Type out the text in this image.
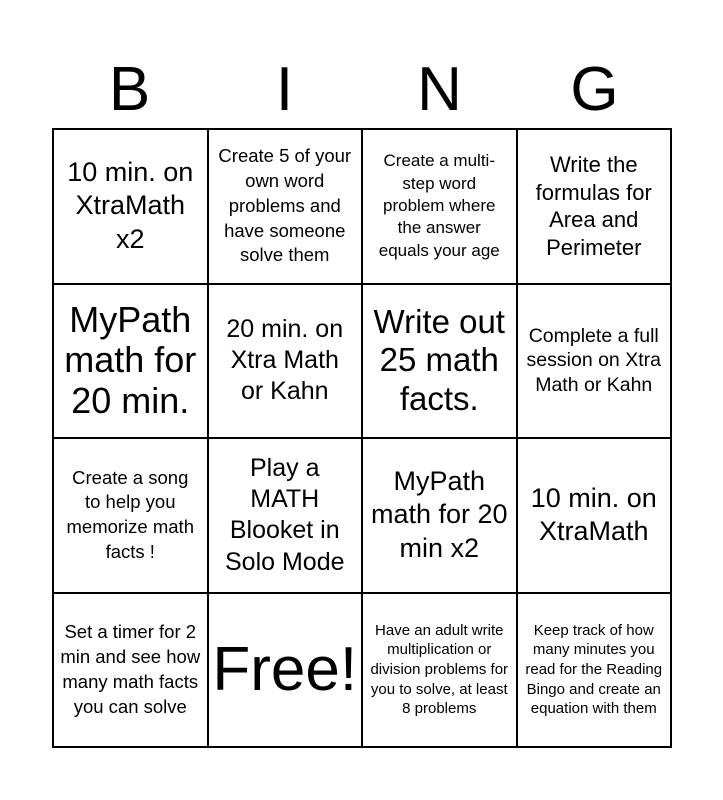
B	I	N	G
10 min. on XtraMath x2
Create 5 of your own word problems and have someone solve them
Create a multi-step word problem where the answer equals your age
Write the formulas for Area and Perimeter
MyPath math for 20 min.
20 min. on Xtra Math or Kahn
Write out 25 math facts.
Complete a full session on Xtra Math or Kahn
Create a song to help you memorize math facts !
Play a MATH Blooket in Solo Mode
MyPath math for 20 min x2
10 min. on XtraMath
Set a timer for 2 min and see how many math facts you can solve
Free!
Have an adult write multiplication or division problems for you to solve, at least 8 problems
Keep track of how many minutes you read for the Reading Bingo and create an equation with them
